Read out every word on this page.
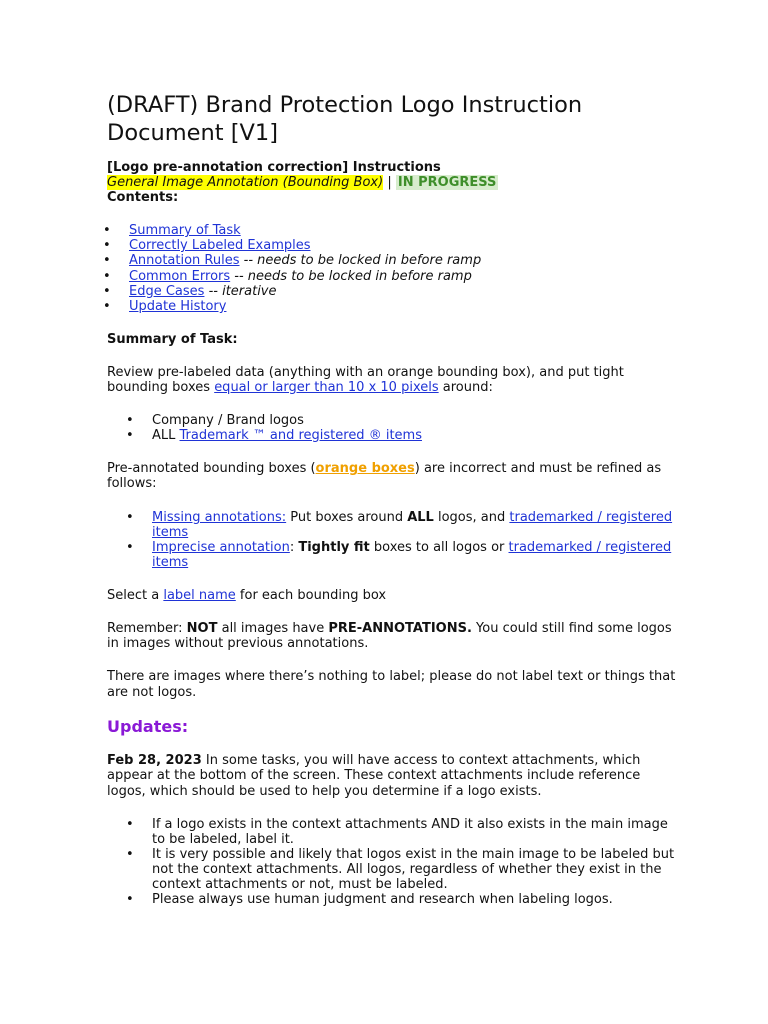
(DRAFT) Brand Protection Logo Instruction
Document [V1]
[Logo pre-annotation correction] Instructions
General Image Annotation (Bounding Box) | IN PROGRESS
Contents:
• Summary of Task
• Correctly Labeled Examples
• Annotation Rules -- needs to be locked in before ramp
• Common Errors -- needs to be locked in before ramp
• Edge Cases -- iterative
• Update History
Summary of Task:
Review pre-labeled data (anything with an orange bounding box), and put tight
bounding boxes equal or larger than 10 x 10 pixels around:
• Company / Brand logos
• ALL Trademark ™ and registered ® items
Pre-annotated bounding boxes (orange boxes) are incorrect and must be refined as
follows:
• Missing annotations: Put boxes around ALL logos, and trademarked / registered
items
• Imprecise annotation: Tightly fit boxes to all logos or trademarked / registered
items
Select a label name for each bounding box
Remember: NOT all images have PRE-ANNOTATIONS. You could still find some logos
in images without previous annotations.
There are images where there’s nothing to label; please do not label text or things that
are not logos.
Updates:
Feb 28, 2023 In some tasks, you will have access to context attachments, which
appear at the bottom of the screen. These context attachments include reference
logos, which should be used to help you determine if a logo exists.
• If a logo exists in the context attachments AND it also exists in the main image
to be labeled, label it.
• It is very possible and likely that logos exist in the main image to be labeled but
not the context attachments. All logos, regardless of whether they exist in the
context attachments or not, must be labeled.
• Please always use human judgment and research when labeling logos.
